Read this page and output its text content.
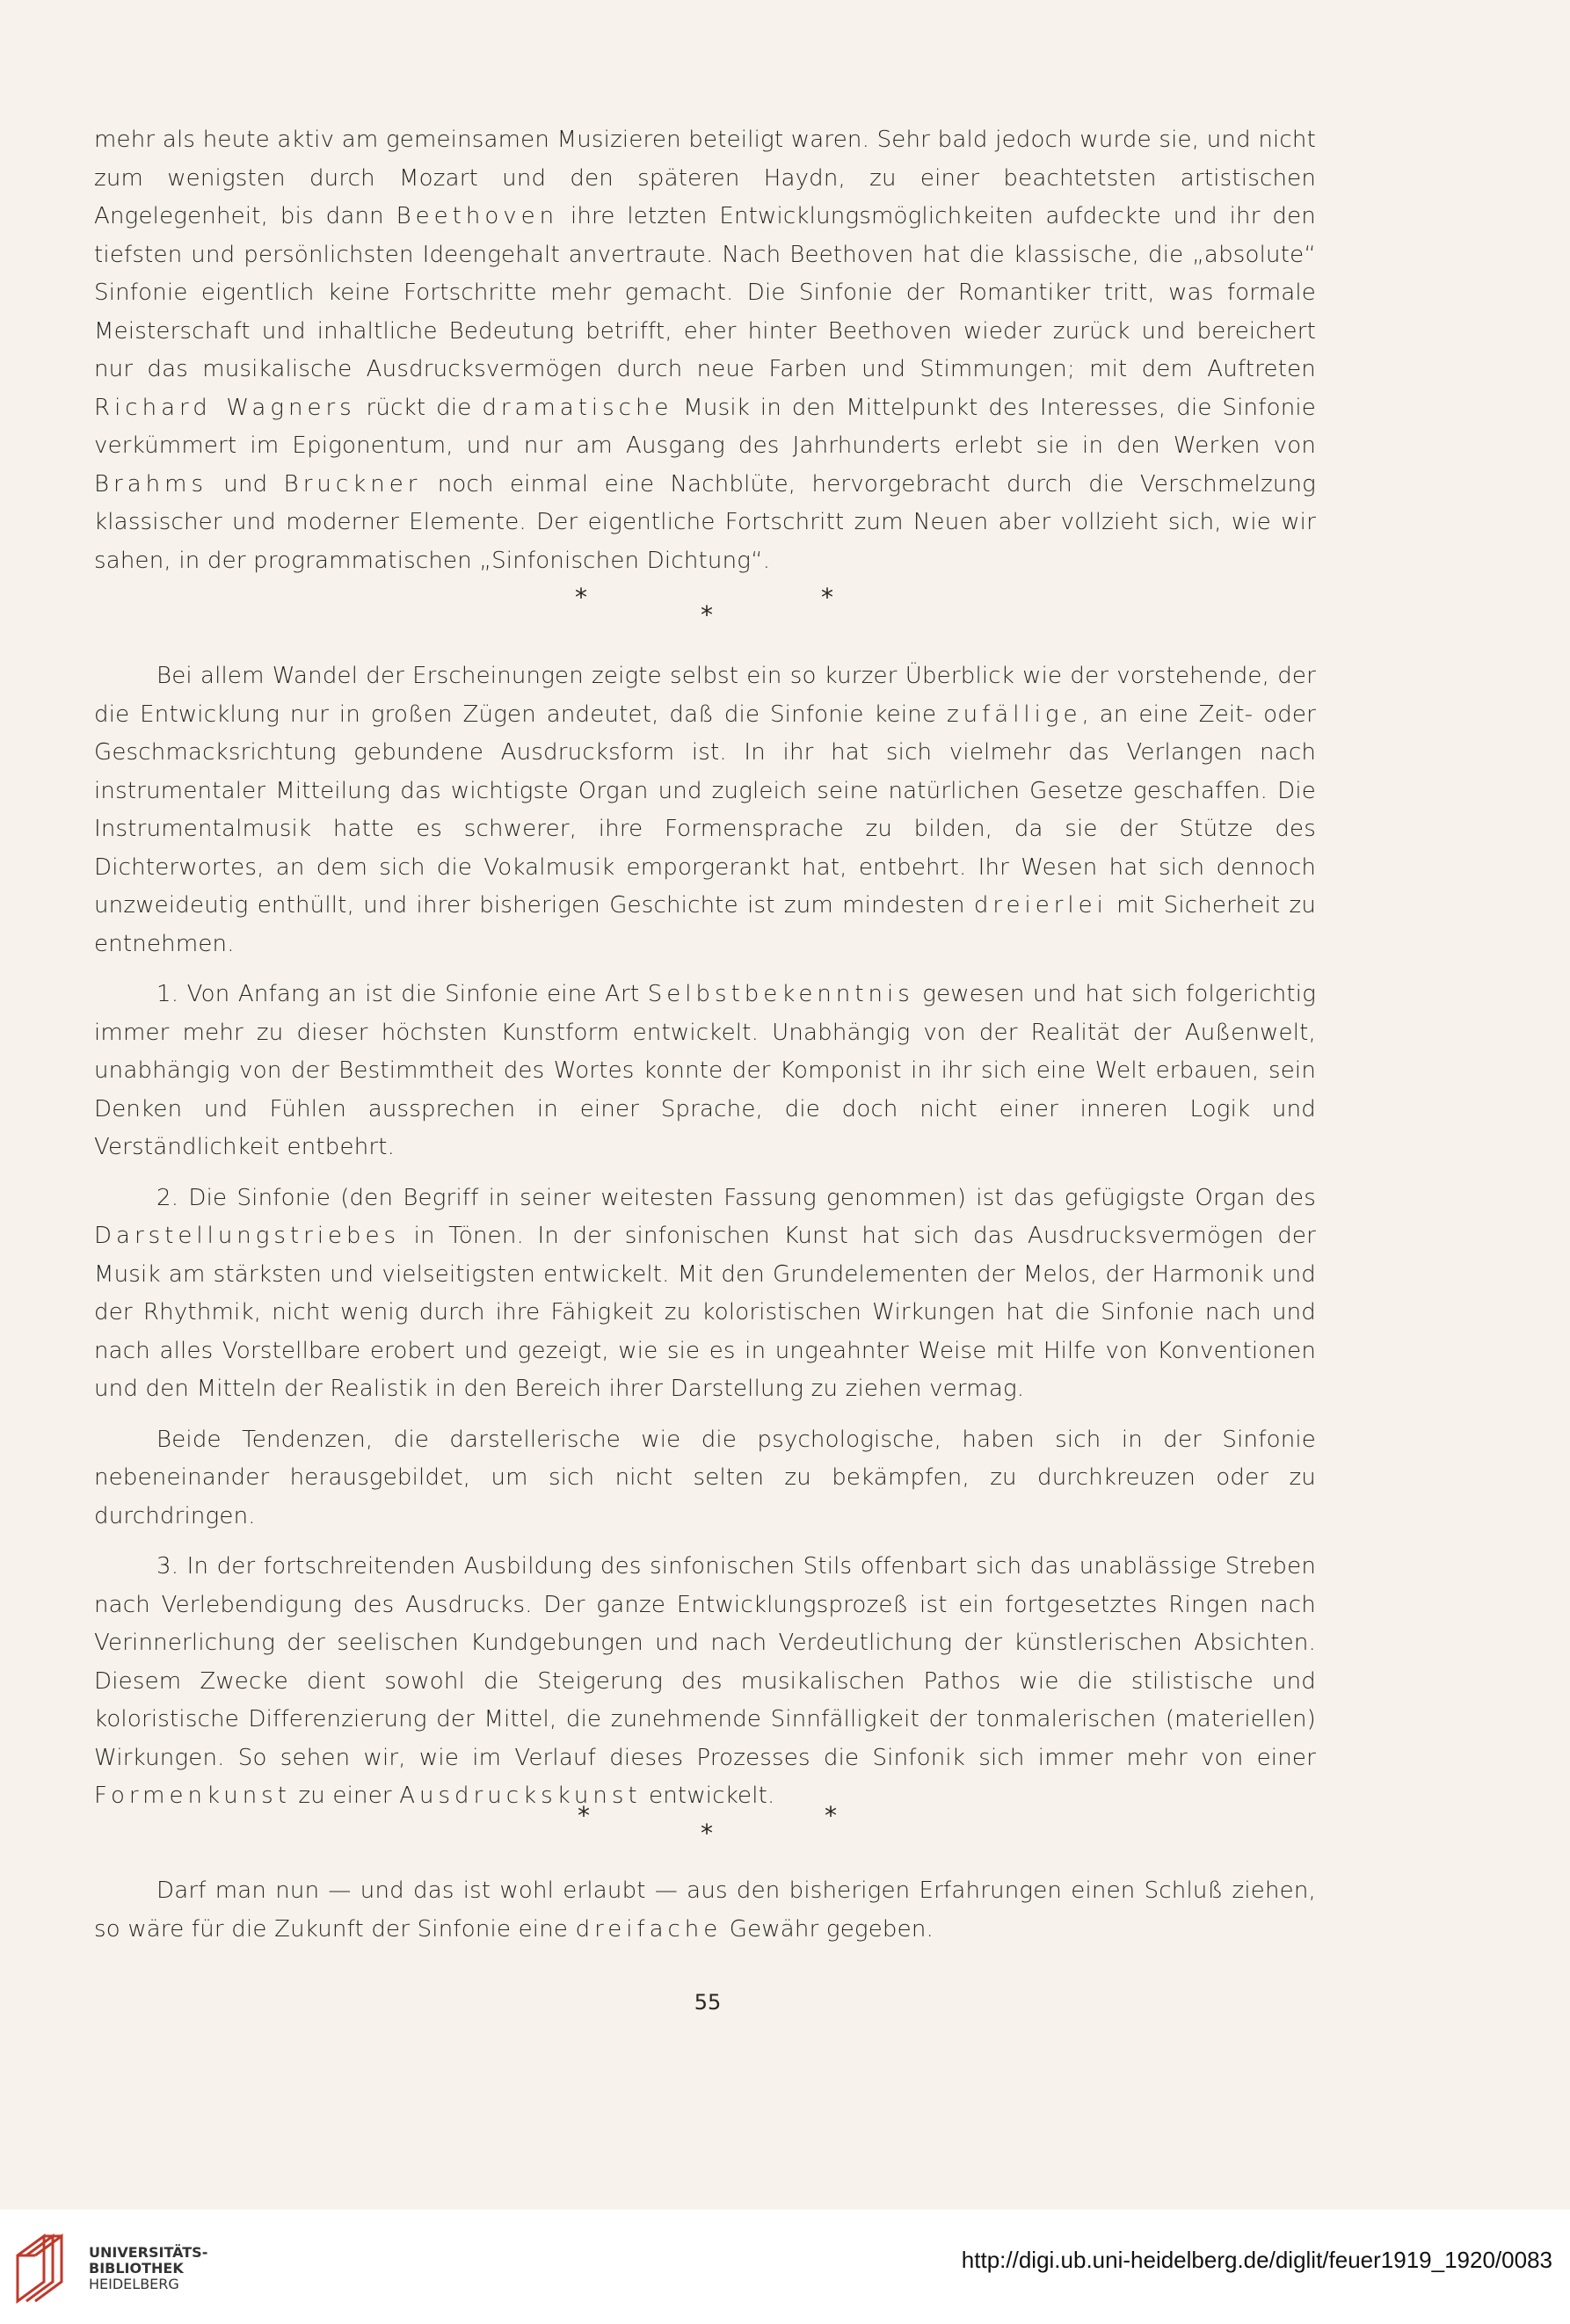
mehr als heute aktiv am gemeinsamen Musizieren beteiligt waren. Sehr bald jedoch wurde sie, und nicht zum wenigsten durch Mozart und den späteren Haydn, zu einer beachtetsten artistischen Angelegenheit, bis dann Beethoven ihre letzten Entwicklungsmöglichkeiten aufdeckte und ihr den tiefsten und persönlichsten Ideengehalt anvertraute. Nach Beethoven hat die klassische, die „absolute“ Sinfonie eigentlich keine Fortschritte mehr gemacht. Die Sinfonie der Romantiker tritt, was formale Meisterschaft und inhaltliche Bedeutung betrifft, eher hinter Beethoven wieder zurück und bereichert nur das musikalische Ausdrucksvermögen durch neue Farben und Stimmungen; mit dem Auftreten Richard Wagners rückt die dramatische Musik in den Mittelpunkt des Interesses, die Sinfonie verkümmert im Epigonentum, und nur am Ausgang des Jahrhunderts erlebt sie in den Werken von Brahms und Bruckner noch einmal eine Nachblüte, hervorgebracht durch die Verschmelzung klassischer und moderner Elemente. Der eigentliche Fortschritt zum Neuen aber vollzieht sich, wie wir sahen, in der programmatischen „Sinfonischen Dichtung“.

*
*
*

Bei allem Wandel der Erscheinungen zeigte selbst ein so kurzer Überblick wie der vorstehende, der die Entwicklung nur in großen Zügen andeutet, daß die Sinfonie keine zufällige, an eine Zeit- oder Geschmacksrichtung gebundene Ausdrucksform ist. In ihr hat sich vielmehr das Verlangen nach instrumentaler Mitteilung das wichtigste Organ und zugleich seine natürlichen Gesetze geschaffen. Die Instrumentalmusik hatte es schwerer, ihre Formensprache zu bilden, da sie der Stütze des Dichterwortes, an dem sich die Vokalmusik emporgerankt hat, entbehrt. Ihr Wesen hat sich dennoch unzweideutig enthüllt, und ihrer bisherigen Geschichte ist zum mindesten dreierlei mit Sicherheit zu entnehmen.

1. Von Anfang an ist die Sinfonie eine Art Selbstbekenntnis gewesen und hat sich folgerichtig immer mehr zu dieser höchsten Kunstform entwickelt. Unabhängig von der Realität der Außenwelt, unabhängig von der Bestimmtheit des Wortes konnte der Komponist in ihr sich eine Welt erbauen, sein Denken und Fühlen aussprechen in einer Sprache, die doch nicht einer inneren Logik und Verständlichkeit entbehrt.

2. Die Sinfonie (den Begriff in seiner weitesten Fassung genommen) ist das gefügigste Organ des Darstellungstriebes in Tönen. In der sinfonischen Kunst hat sich das Ausdrucksvermögen der Musik am stärksten und vielseitigsten entwickelt. Mit den Grundelementen der Melos, der Harmonik und der Rhythmik, nicht wenig durch ihre Fähigkeit zu koloristischen Wirkungen hat die Sinfonie nach und nach alles Vorstellbare erobert und gezeigt, wie sie es in ungeahnter Weise mit Hilfe von Konventionen und den Mitteln der Realistik in den Bereich ihrer Darstellung zu ziehen vermag.

Beide Tendenzen, die darstellerische wie die psychologische, haben sich in der Sinfonie nebeneinander herausgebildet, um sich nicht selten zu bekämpfen, zu durchkreuzen oder zu durchdringen.

3. In der fortschreitenden Ausbildung des sinfonischen Stils offenbart sich das unablässige Streben nach Verlebendigung des Ausdrucks. Der ganze Entwicklungsprozeß ist ein fortgesetztes Ringen nach Verinnerlichung der seelischen Kundgebungen und nach Verdeutlichung der künstlerischen Absichten. Diesem Zwecke dient sowohl die Steigerung des musikalischen Pathos wie die stilistische und koloristische Differenzierung der Mittel, die zunehmende Sinnfälligkeit der tonmalerischen (materiellen) Wirkungen. So sehen wir, wie im Verlauf dieses Prozesses die Sinfonik sich immer mehr von einer Formenkunst zu einer Ausdruckskunst entwickelt.

*
*
*

Darf man nun — und das ist wohl erlaubt — aus den bisherigen Erfahrungen einen Schluß ziehen, so wäre für die Zukunft der Sinfonie eine dreifache Gewähr gegeben.

55
UNIVERSITÄTS-
BIBLIOTHEK
HEIDELBERG
http://digi.ub.uni-heidelberg.de/diglit/feuer1919_1920/0083
